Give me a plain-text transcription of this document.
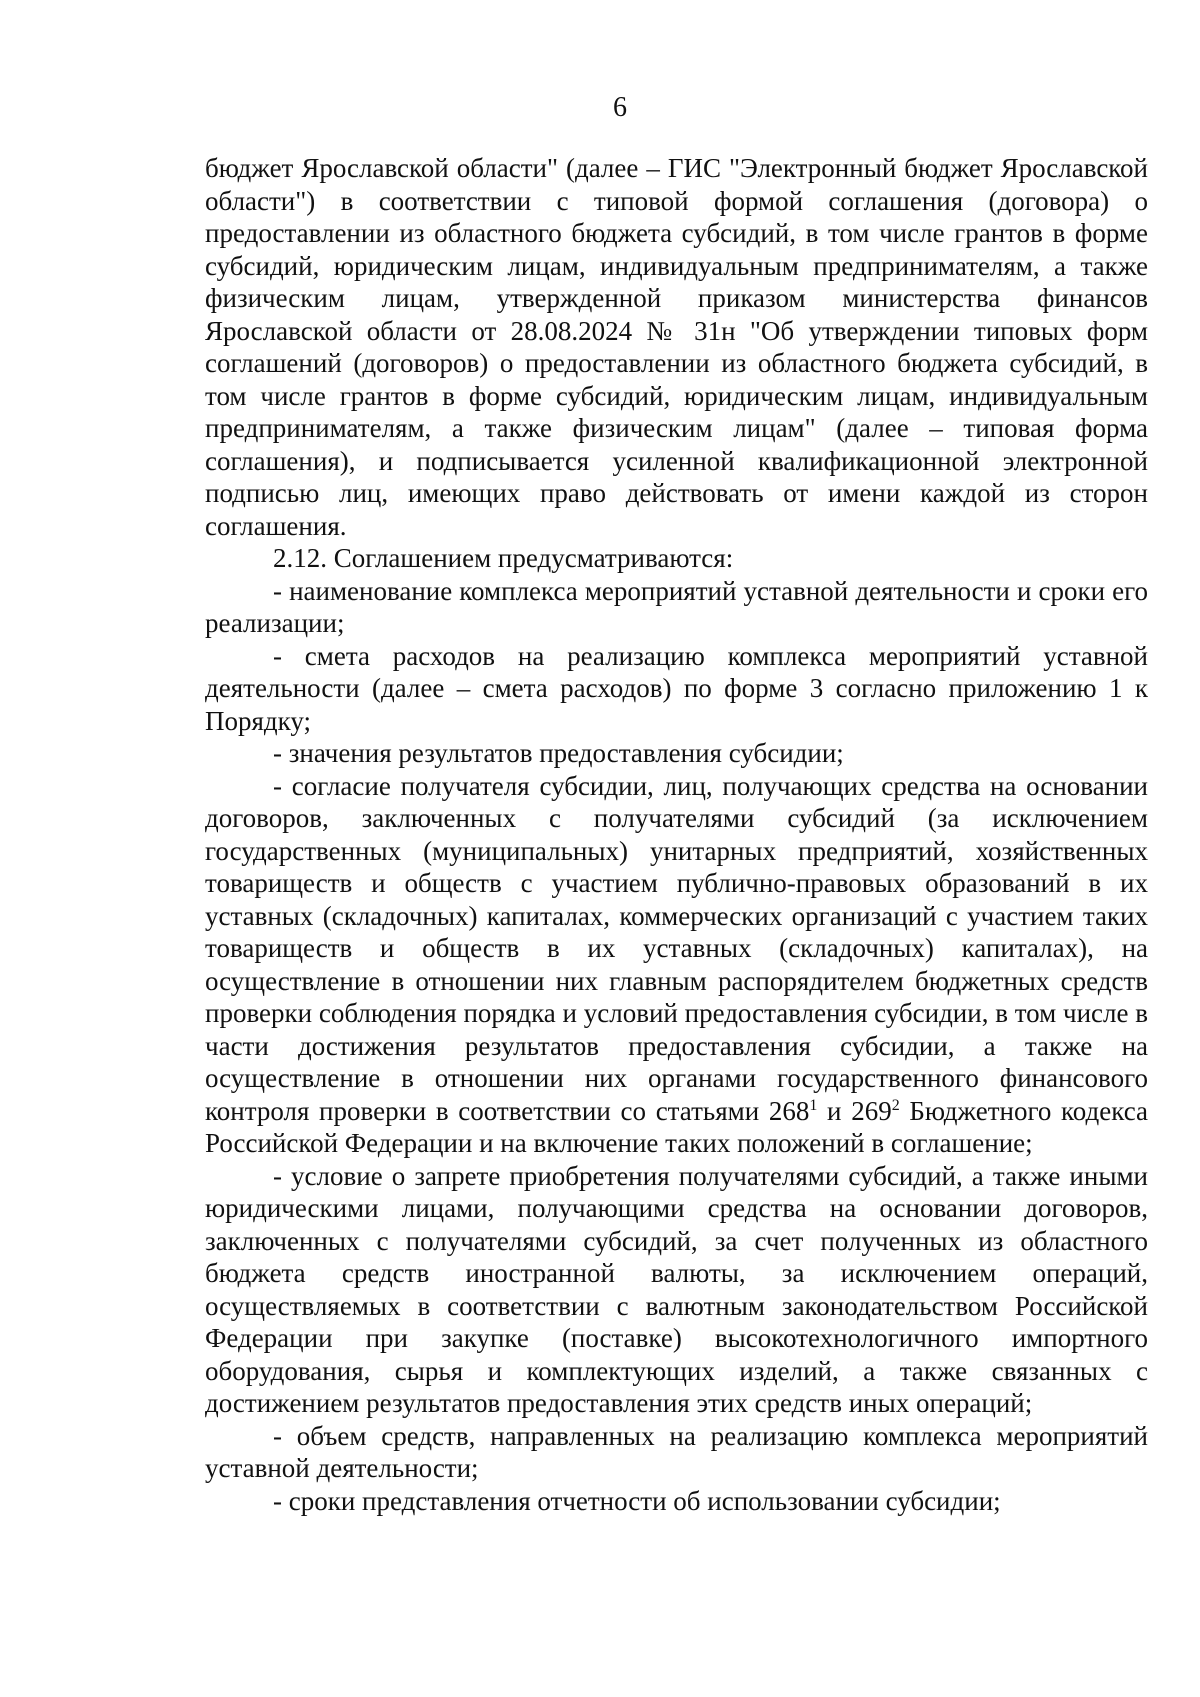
6

бюджет Ярославской области" (далее – ГИС "Электронный бюджет Ярославской области") в соответствии с типовой формой соглашения (договора) о предоставлении из областного бюджета субсидий, в том числе грантов в форме субсидий, юридическим лицам, индивидуальным предпринимателям, а также физическим лицам, утвержденной приказом министерства финансов Ярославской области от 28.08.2024 № 31н "Об утверждении типовых форм соглашений (договоров) о предоставлении из областного бюджета субсидий, в том числе грантов в форме субсидий, юридическим лицам, индивидуальным предпринимателям, а также физическим лицам" (далее – типовая форма соглашения), и подписывается усиленной квалификационной электронной подписью лиц, имеющих право действовать от имени каждой из сторон соглашения.

2.12. Соглашением предусматриваются:

- наименование комплекса мероприятий уставной деятельности и сроки его реализации;

- смета расходов на реализацию комплекса мероприятий уставной деятельности (далее – смета расходов) по форме 3 согласно приложению 1 к Порядку;

- значения результатов предоставления субсидии;

- согласие получателя субсидии, лиц, получающих средства на основании договоров, заключенных с получателями субсидий (за исключением государственных (муниципальных) унитарных предприятий, хозяйственных товариществ и обществ с участием публично-правовых образований в их уставных (складочных) капиталах, коммерческих организаций с участием таких товариществ и обществ в их уставных (складочных) капиталах), на осуществление в отношении них главным распорядителем бюджетных средств проверки соблюдения порядка и условий предоставления субсидии, в том числе в части достижения результатов предоставления субсидии, а также на осуществление в отношении них органами государственного финансового контроля проверки в соответствии со статьями $268^1$ и $269^2$ Бюджетного кодекса Российской Федерации и на включение таких положений в соглашение;

- условие о запрете приобретения получателями субсидий, а также иными юридическими лицами, получающими средства на основании договоров, заключенных с получателями субсидий, за счет полученных из областного бюджета средств иностранной валюты, за исключением операций, осуществляемых в соответствии с валютным законодательством Российской Федерации при закупке (поставке) высокотехнологичного импортного оборудования, сырья и комплектующих изделий, а также связанных с достижением результатов предоставления этих средств иных операций;

- объем средств, направленных на реализацию комплекса мероприятий уставной деятельности;

- сроки представления отчетности об использовании субсидии;
